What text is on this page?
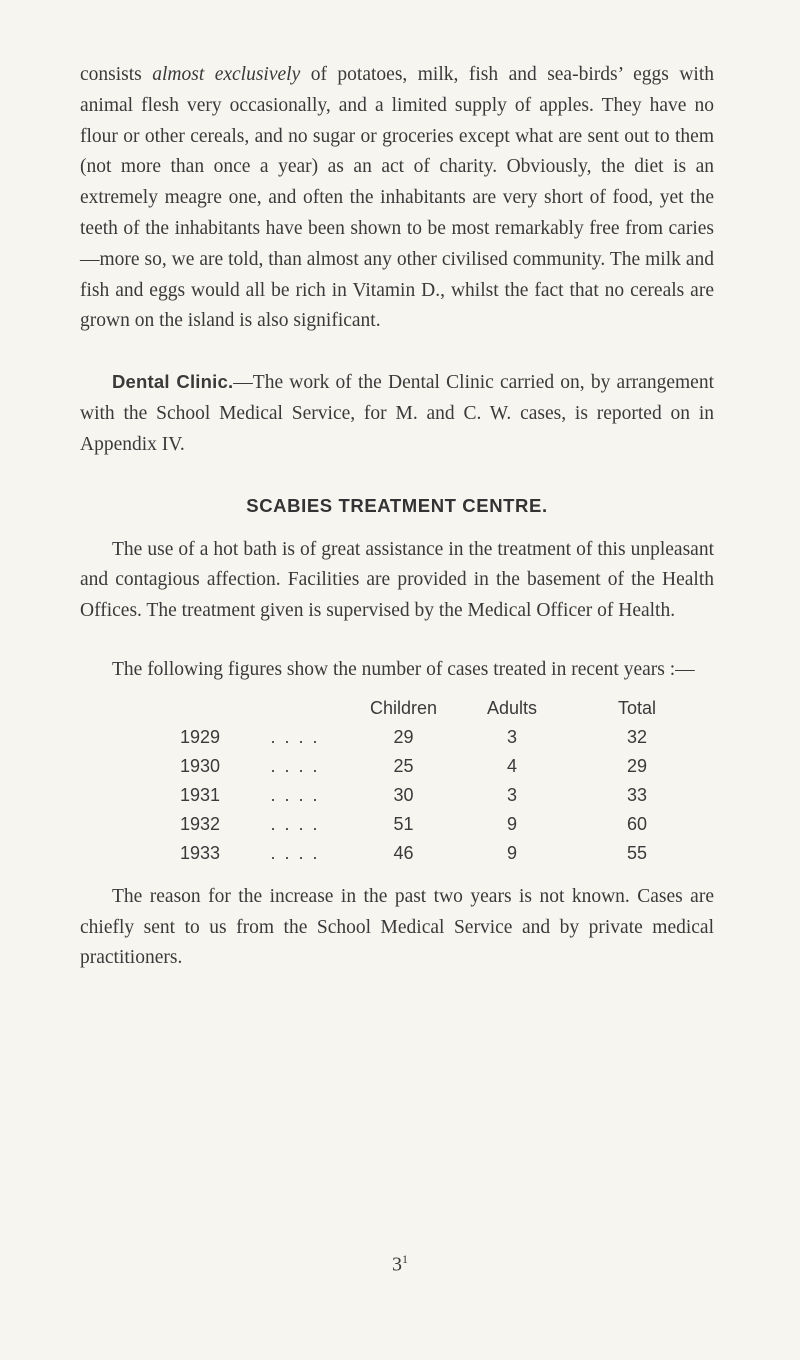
consists almost exclusively of potatoes, milk, fish and sea-birds’ eggs with animal flesh very occasionally, and a limited supply of apples. They have no flour or other cereals, and no sugar or groceries except what are sent out to them (not more than once a year) as an act of charity. Obviously, the diet is an extremely meagre one, and often the inhabitants are very short of food, yet the teeth of the inhabitants have been shown to be most remarkably free from caries—more so, we are told, than almost any other civilised community. The milk and fish and eggs would all be rich in Vitamin D., whilst the fact that no cereals are grown on the island is also significant.

Dental Clinic.—The work of the Dental Clinic carried on, by arrangement with the School Medical Service, for M. and C. W. cases, is reported on in Appendix IV.

SCABIES TREATMENT CENTRE.

The use of a hot bath is of great assistance in the treatment of this unpleasant and contagious affection. Facilities are provided in the basement of the Health Offices. The treatment given is supervised by the Medical Officer of Health.

The following figures show the number of cases treated in recent years :—

		Children	Adults	Total
1929	. . . .	29	3	32
1930	. . . .	25	4	29
1931	. . . .	30	3	33
1932	. . . .	51	9	60
1933	. . . .	46	9	55

The reason for the increase in the past two years is not known. Cases are chiefly sent to us from the School Medical Service and by private medical practitioners.

$3^1$
